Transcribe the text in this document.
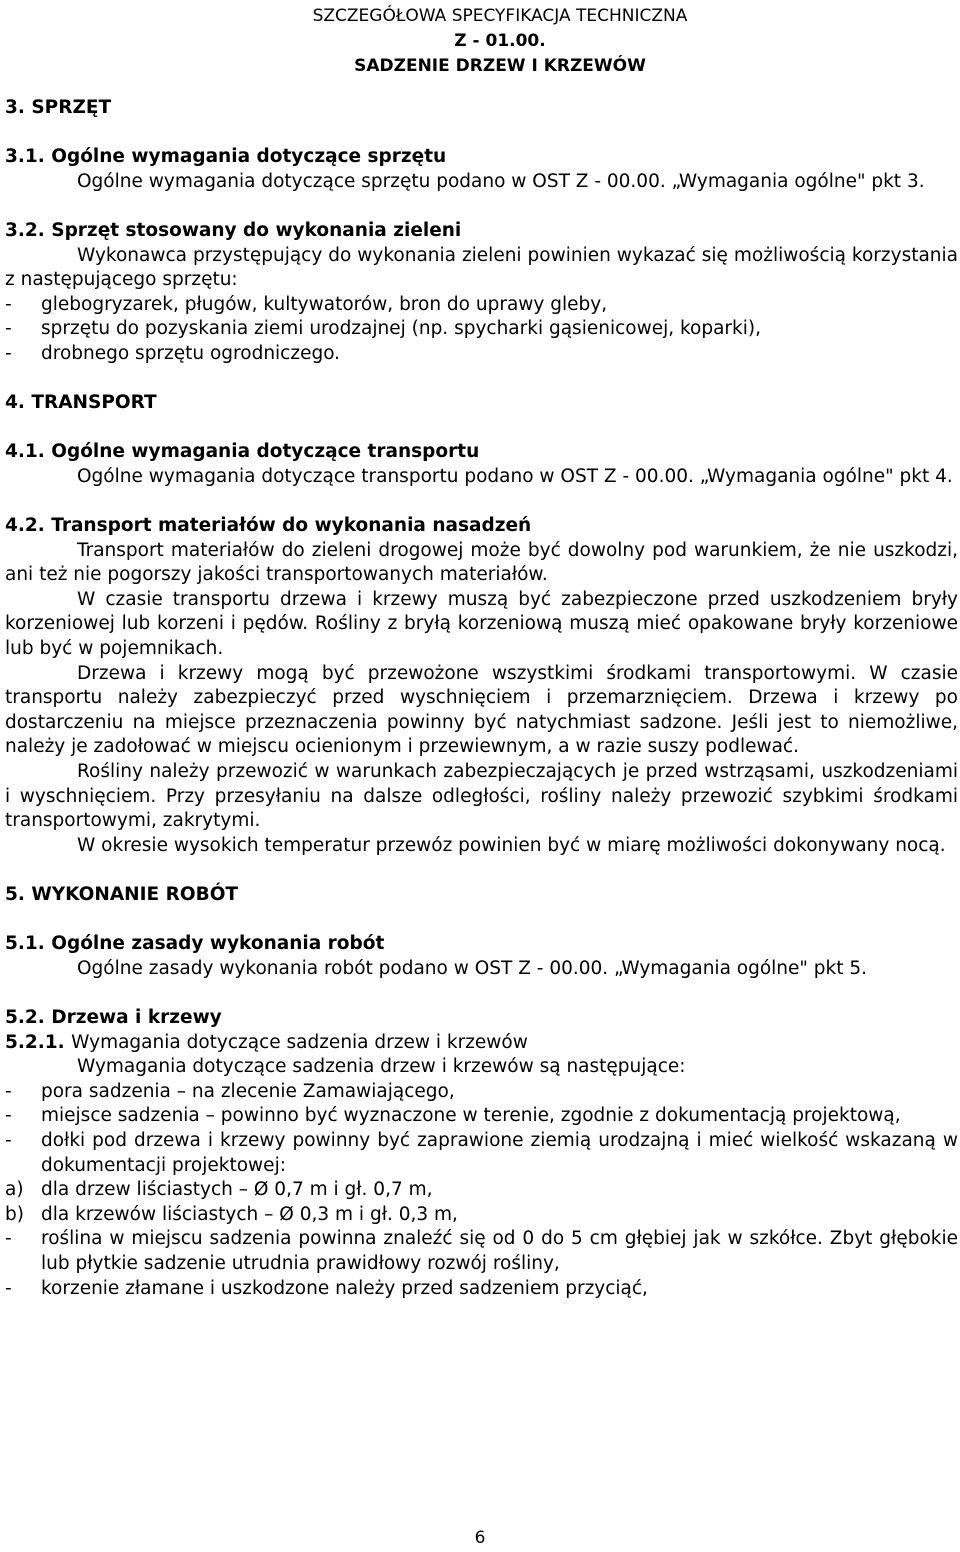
SZCZEGÓŁOWA SPECYFIKACJA TECHNICZNA
Z - 01.00.
SADZENIE DRZEW I KRZEWÓW
3. SPRZĘT
3.1. Ogólne wymagania dotyczące sprzętu

Ogólne wymagania dotyczące sprzętu podano w OST Z - 00.00. „Wymagania ogólne" pkt 3.

3.2. Sprzęt stosowany do wykonania zieleni

Wykonawca przystępujący do wykonania zieleni powinien wykazać się możliwością korzystania z następującego sprzętu:

- glebogryzarek, pługów, kultywatorów, bron do uprawy gleby,
- sprzętu do pozyskania ziemi urodzajnej (np. spycharki gąsienicowej, koparki),
- drobnego sprzętu ogrodniczego.
4. TRANSPORT
4.1. Ogólne wymagania dotyczące transportu

Ogólne wymagania dotyczące transportu podano w OST Z - 00.00. „Wymagania ogólne" pkt 4.

4.2. Transport materiałów do wykonania nasadzeń

Transport materiałów do zieleni drogowej może być dowolny pod warunkiem, że nie uszkodzi, ani też nie pogorszy jakości transportowanych materiałów.

W czasie transportu drzewa i krzewy muszą być zabezpieczone przed uszkodzeniem bryły korzeniowej lub korzeni i pędów. Rośliny z bryłą korzeniową muszą mieć opakowane bryły korzeniowe lub być w pojemnikach.

Drzewa i krzewy mogą być przewożone wszystkimi środkami transportowymi. W czasie transportu należy zabezpieczyć przed wyschnięciem i przemarznięciem. Drzewa i krzewy po dostarczeniu na miejsce przeznaczenia powinny być natychmiast sadzone. Jeśli jest to niemożliwe, należy je zadołować w miejscu ocienionym i przewiewnym, a w razie suszy podlewać.

Rośliny należy przewozić w warunkach zabezpieczających je przed wstrząsami, uszkodzeniami i wyschnięciem. Przy przesyłaniu na dalsze odległości, rośliny należy przewozić szybkimi środkami transportowymi, zakrytymi.

W okresie wysokich temperatur przewóz powinien być w miarę możliwości dokonywany nocą.

5. WYKONANIE ROBÓT
5.1. Ogólne zasady wykonania robót

Ogólne zasady wykonania robót podano w OST Z - 00.00. „Wymagania ogólne" pkt 5.

5.2. Drzewa i krzewy
5.2.1. Wymagania dotyczące sadzenia drzew i krzewów

Wymagania dotyczące sadzenia drzew i krzewów są następujące:

- pora sadzenia – na zlecenie Zamawiającego,
- miejsce sadzenia – powinno być wyznaczone w terenie, zgodnie z dokumentacją projektową,
- dołki pod drzewa i krzewy powinny być zaprawione ziemią urodzajną i mieć wielkość wskazaną w dokumentacji projektowej:
a) dla drzew liściastych – Ø 0,7 m i gł. 0,7 m,
b) dla krzewów liściastych – Ø 0,3 m i gł. 0,3 m,
- roślina w miejscu sadzenia powinna znaleźć się od 0 do 5 cm głębiej jak w szkółce. Zbyt głębokie lub płytkie sadzenie utrudnia prawidłowy rozwój rośliny,
- korzenie złamane i uszkodzone należy przed sadzeniem przyciąć,
6
